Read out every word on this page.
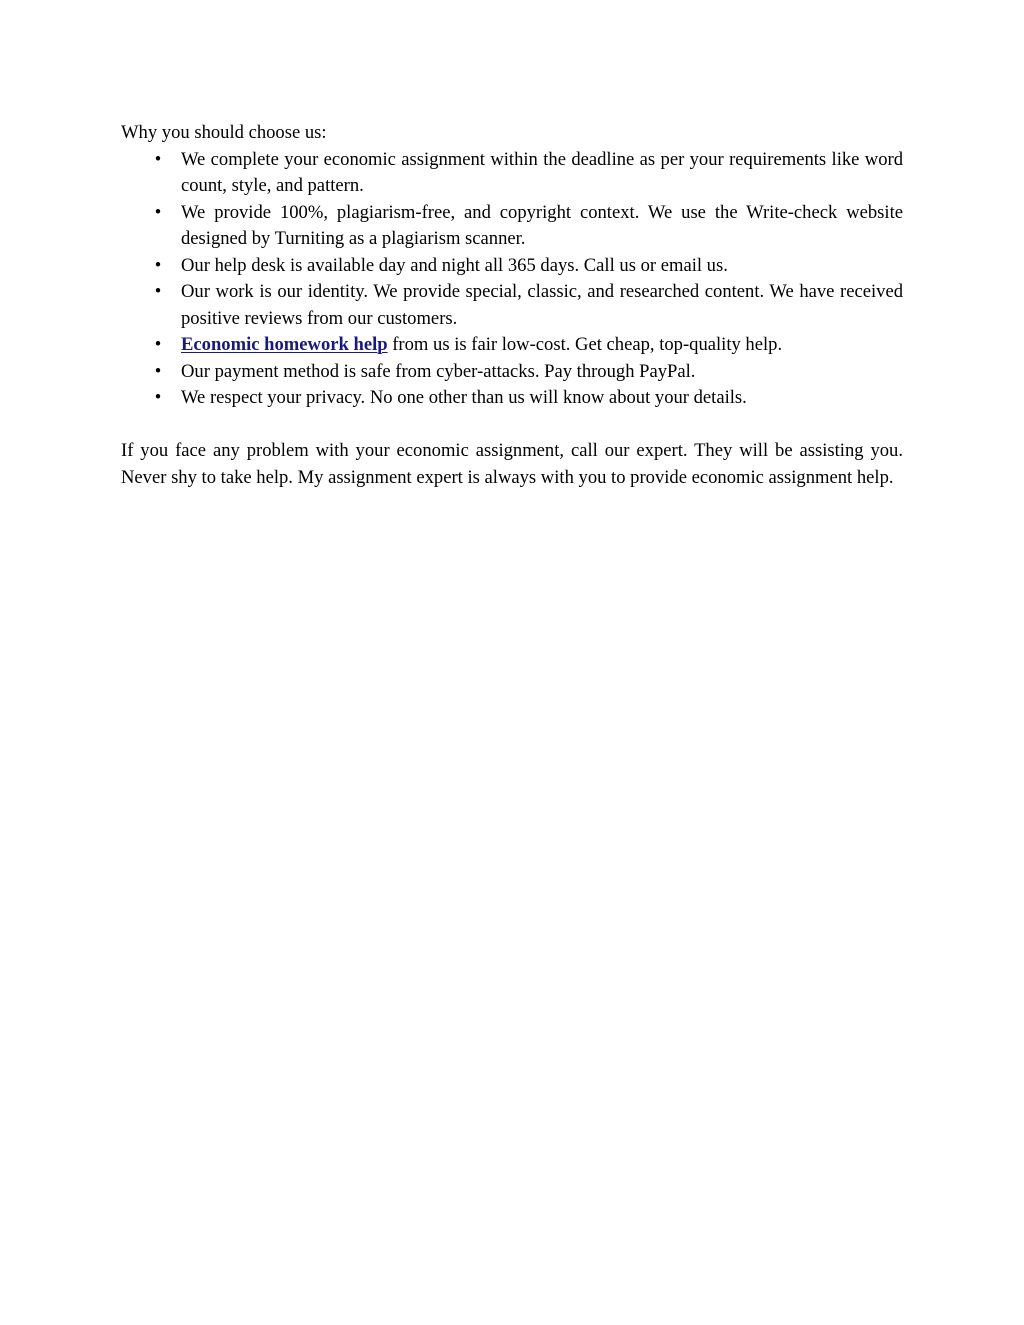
Why you should choose us:

• We complete your economic assignment within the deadline as per your requirements like word count, style, and pattern.
• We provide 100%, plagiarism-free, and copyright context. We use the Write-check website designed by Turniting as a plagiarism scanner.
• Our help desk is available day and night all 365 days. Call us or email us.
• Our work is our identity. We provide special, classic, and researched content. We have received positive reviews from our customers.
• Economic homework help from us is fair low-cost. Get cheap, top-quality help.
• Our payment method is safe from cyber-attacks. Pay through PayPal.
• We respect your privacy. No one other than us will know about your details.

If you face any problem with your economic assignment, call our expert. They will be assisting you. Never shy to take help. My assignment expert is always with you to provide economic assignment help.
